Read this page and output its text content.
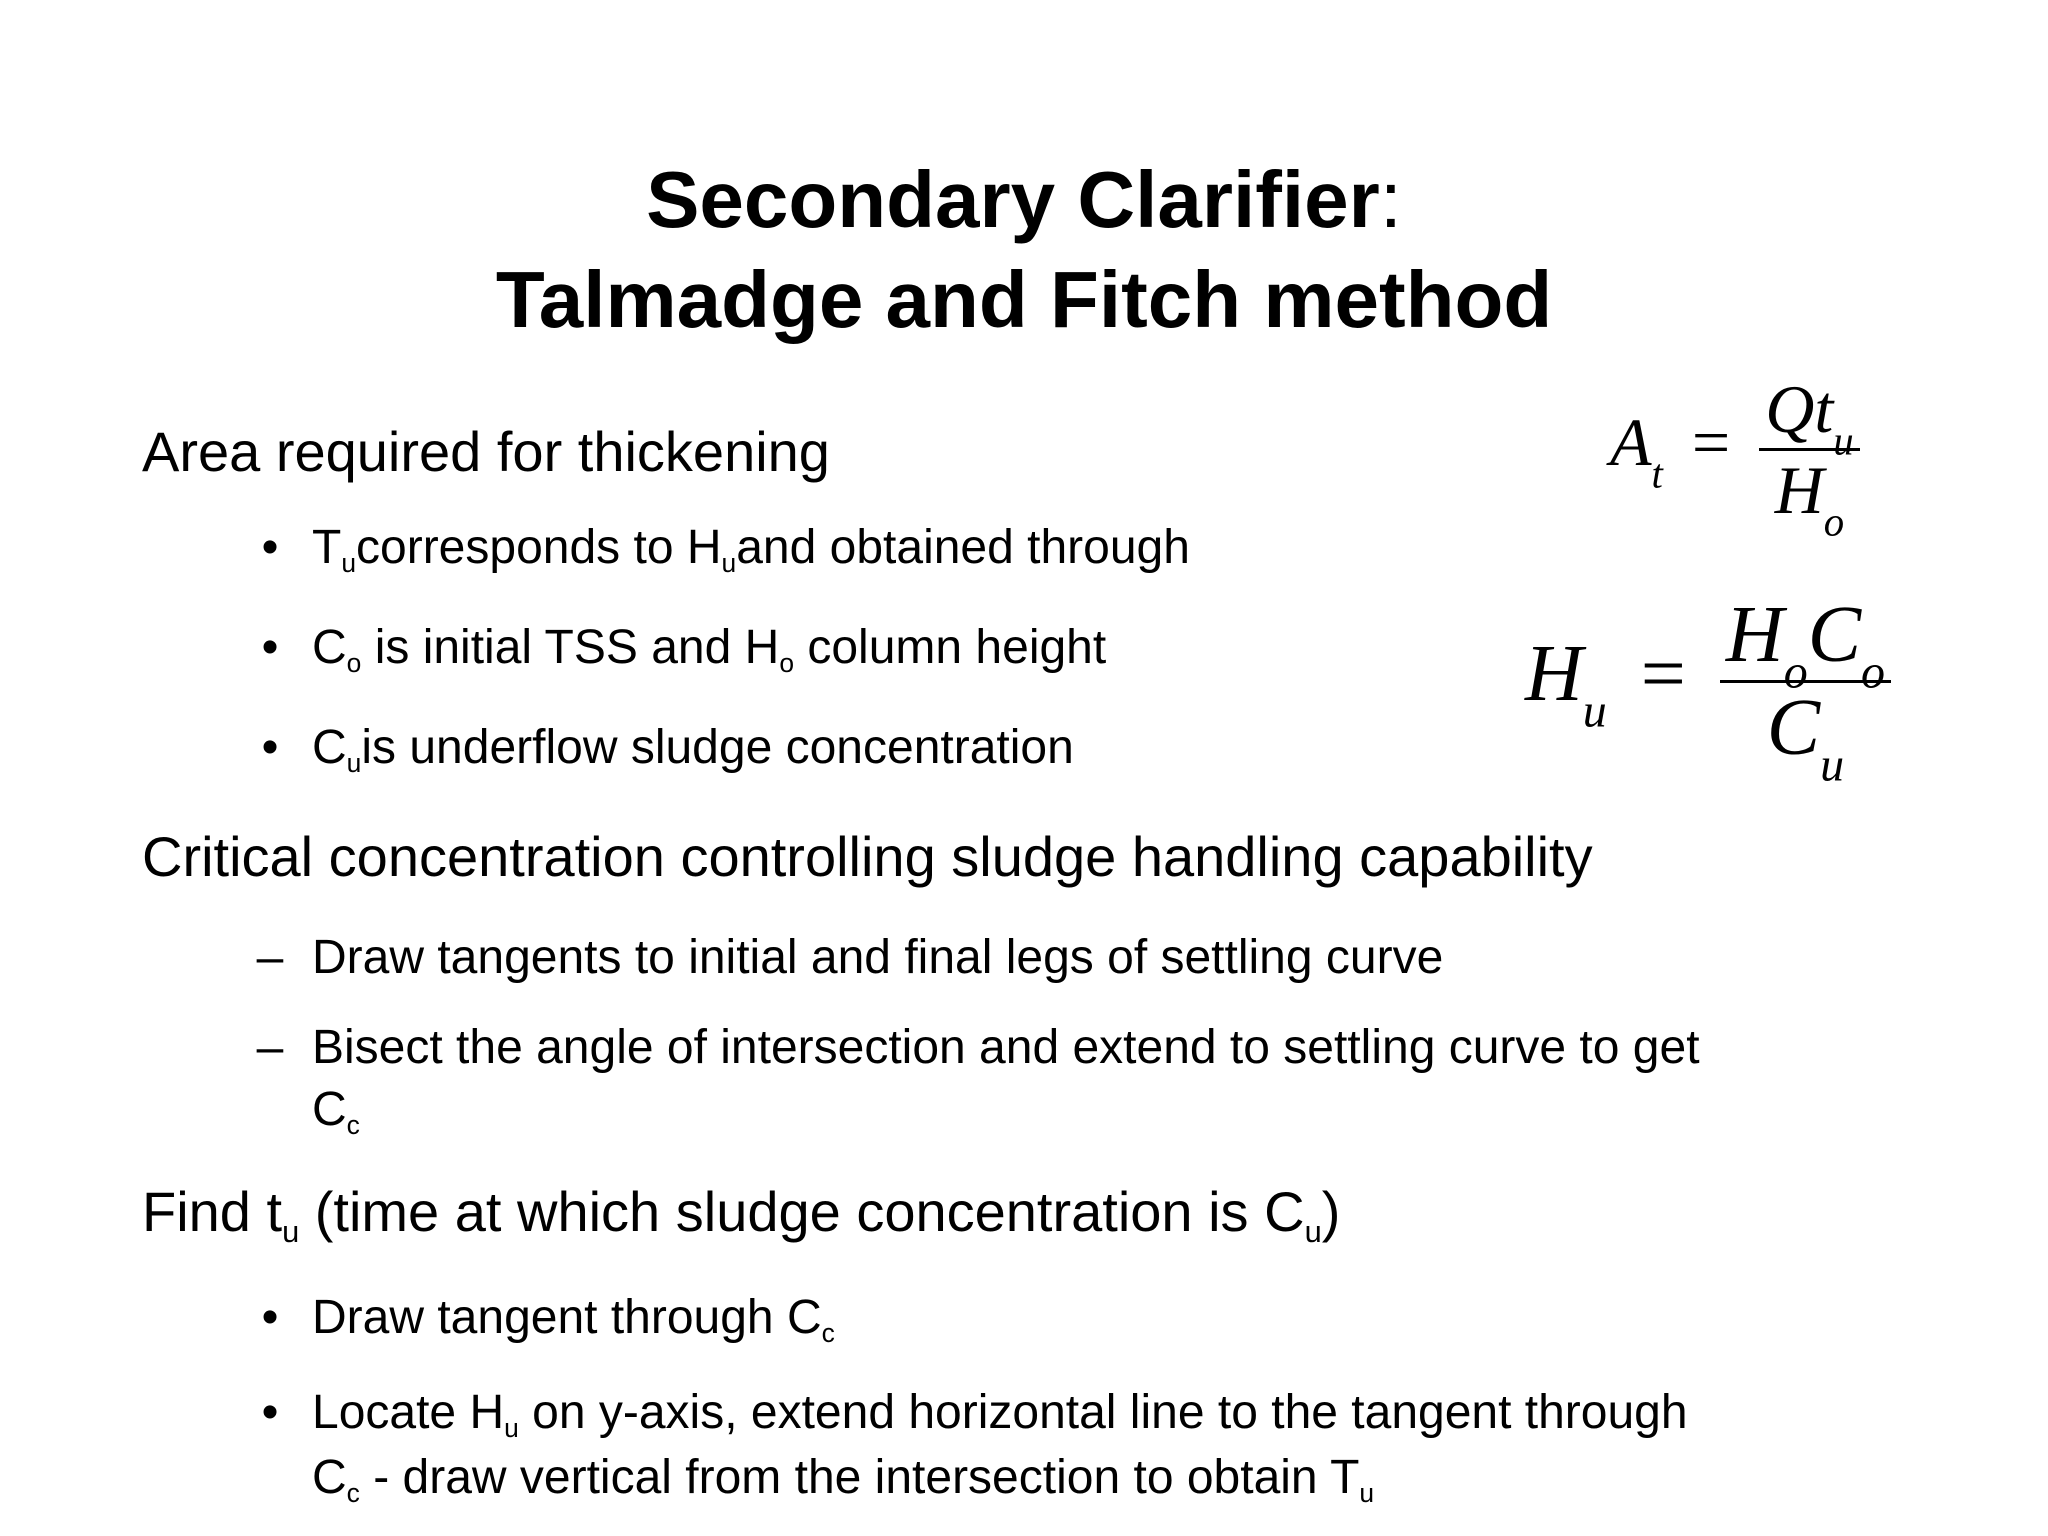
Secondary Clarifier:
Talmadge and Fitch method
Area required for thickening
• $T_ucorresponds$ to $H_uand$ obtained through
• $C_o$ is initial TSS and $H_o$ column height
• $C_uis$ underflow sludge concentration
Critical concentration controlling sludge handling capability
– Draw tangents to initial and final legs of settling curve
– Bisect the angle of intersection and extend to settling curve to get
$C_c$
Find $t_u$ (time at which sludge concentration is $C_u$)
• Draw tangent through $C_c$
• Locate $H_u$ on y-axis, extend horizontal line to the tangent through
$C_c$ - draw vertical from the intersection to obtain $T_u$
$A_t = \frac{Qt_u}{H_o}$
$H_u = \frac{H_oC_o}{C_u}$
